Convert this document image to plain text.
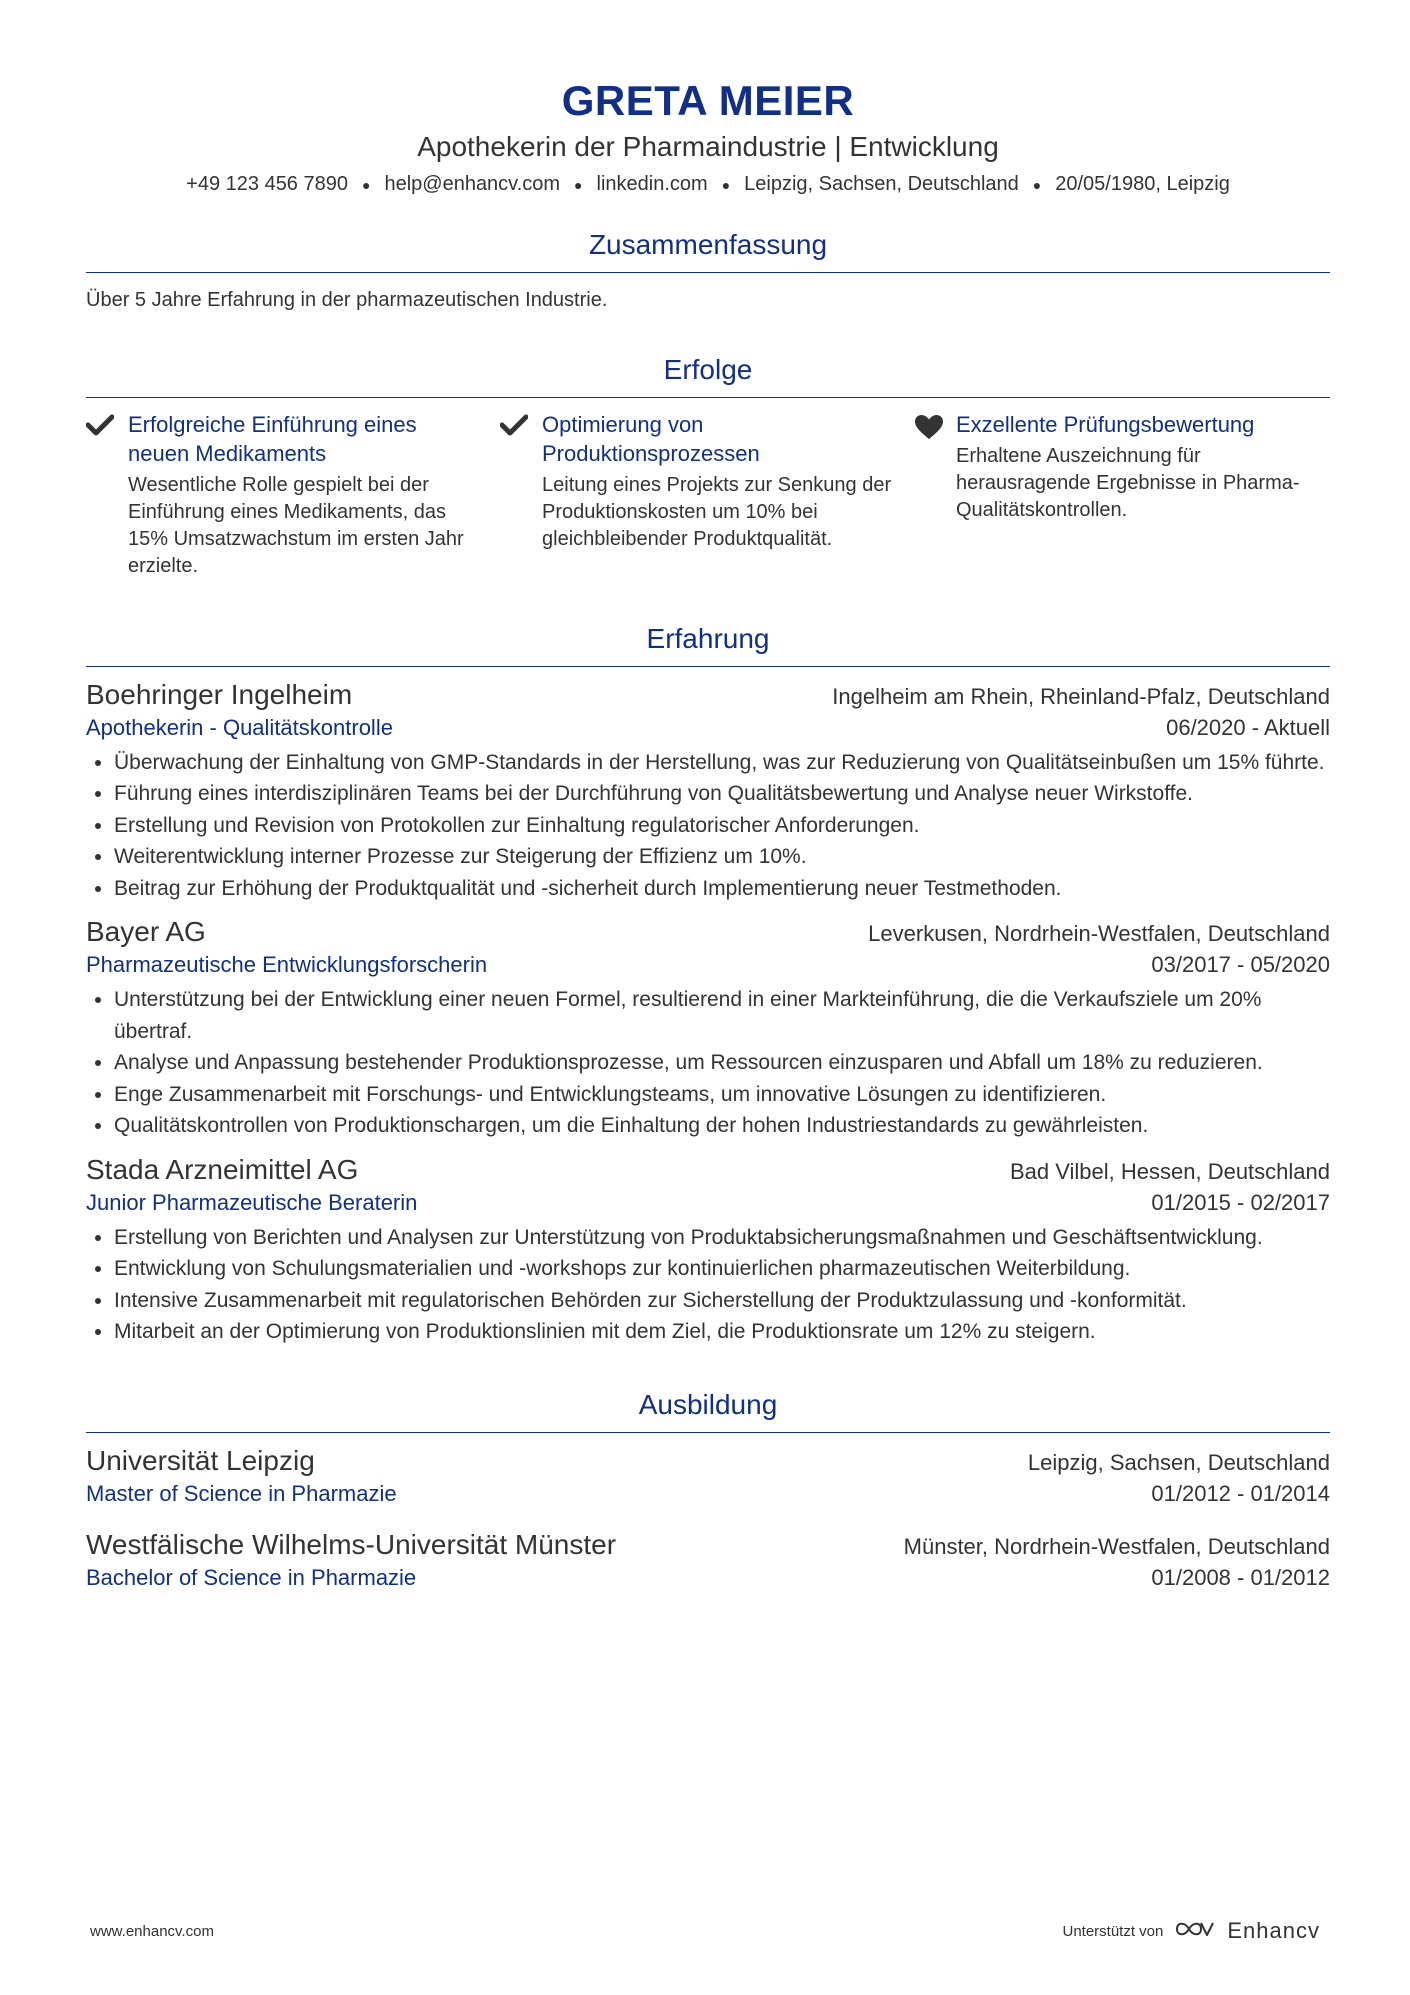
GRETA MEIER
Apothekerin der Pharmaindustrie | Entwicklung
+49 123 456 7890 ● help@enhancv.com ● linkedin.com ● Leipzig, Sachsen, Deutschland ● 20/05/1980, Leipzig
Zusammenfassung
Über 5 Jahre Erfahrung in der pharmazeutischen Industrie.
Erfolge
Erfolgreiche Einführung eines neuen Medikaments
Wesentliche Rolle gespielt bei der Einführung eines Medikaments, das 15% Umsatzwachstum im ersten Jahr erzielte.
Optimierung von Produktionsprozessen
Leitung eines Projekts zur Senkung der Produktionskosten um 10% bei gleichbleibender Produktqualität.
Exzellente Prüfungsbewertung
Erhaltene Auszeichnung für herausragende Ergebnisse in Pharma-Qualitätskontrollen.
Erfahrung
Boehringer Ingelheim	Ingelheim am Rhein, Rheinland-Pfalz, Deutschland
Apothekerin - Qualitätskontrolle	06/2020 - Aktuell
• Überwachung der Einhaltung von GMP-Standards in der Herstellung, was zur Reduzierung von Qualitätseinbußen um 15% führte.
• Führung eines interdisziplinären Teams bei der Durchführung von Qualitätsbewertung und Analyse neuer Wirkstoffe.
• Erstellung und Revision von Protokollen zur Einhaltung regulatorischer Anforderungen.
• Weiterentwicklung interner Prozesse zur Steigerung der Effizienz um 10%.
• Beitrag zur Erhöhung der Produktqualität und -sicherheit durch Implementierung neuer Testmethoden.
Bayer AG	Leverkusen, Nordrhein-Westfalen, Deutschland
Pharmazeutische Entwicklungsforscherin	03/2017 - 05/2020
• Unterstützung bei der Entwicklung einer neuen Formel, resultierend in einer Markteinführung, die die Verkaufsziele um 20% übertraf.
• Analyse und Anpassung bestehender Produktionsprozesse, um Ressourcen einzusparen und Abfall um 18% zu reduzieren.
• Enge Zusammenarbeit mit Forschungs- und Entwicklungsteams, um innovative Lösungen zu identifizieren.
• Qualitätskontrollen von Produktionschargen, um die Einhaltung der hohen Industriestandards zu gewährleisten.
Stada Arzneimittel AG	Bad Vilbel, Hessen, Deutschland
Junior Pharmazeutische Beraterin	01/2015 - 02/2017
• Erstellung von Berichten und Analysen zur Unterstützung von Produktabsicherungsmaßnahmen und Geschäftsentwicklung.
• Entwicklung von Schulungsmaterialien und -workshops zur kontinuierlichen pharmazeutischen Weiterbildung.
• Intensive Zusammenarbeit mit regulatorischen Behörden zur Sicherstellung der Produktzulassung und -konformität.
• Mitarbeit an der Optimierung von Produktionslinien mit dem Ziel, die Produktionsrate um 12% zu steigern.
Ausbildung
Universität Leipzig	Leipzig, Sachsen, Deutschland
Master of Science in Pharmazie	01/2012 - 01/2014
Westfälische Wilhelms-Universität Münster	Münster, Nordrhein-Westfalen, Deutschland
Bachelor of Science in Pharmazie	01/2008 - 01/2012
www.enhancv.com	Unterstützt von	Enhancv
